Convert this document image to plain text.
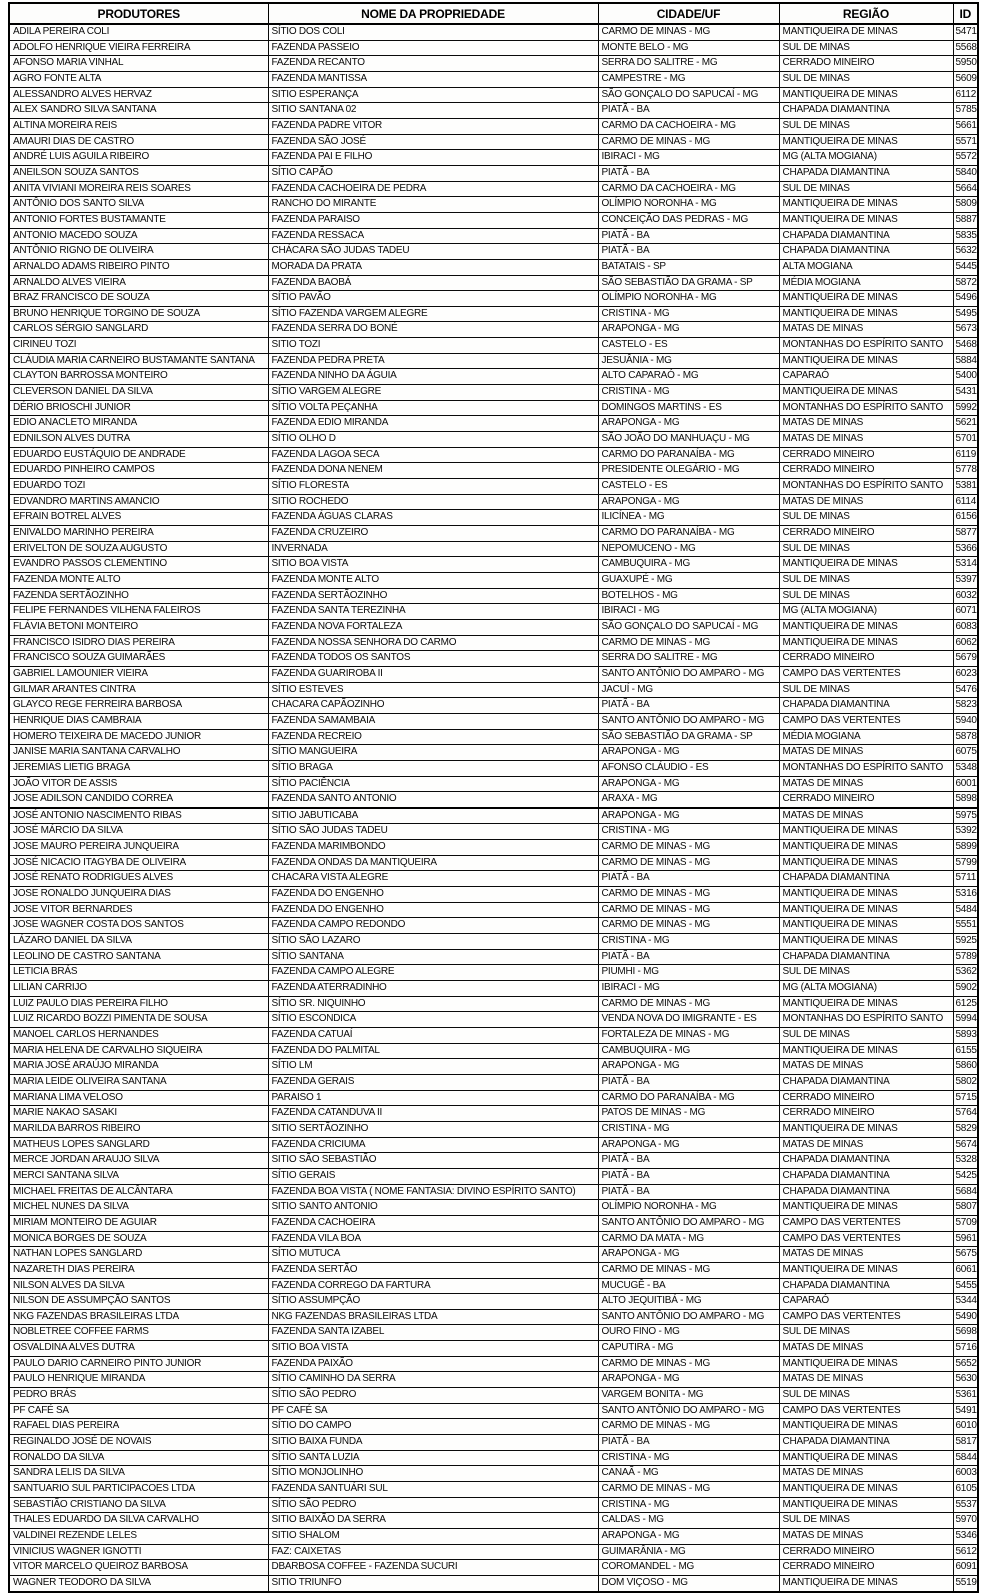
PRODUTORES	NOME DA PROPRIEDADE	CIDADE/UF	REGIÃO	ID
ADILA PEREIRA COLI	SÍTIO DOS COLI	CARMO DE MINAS - MG	MANTIQUEIRA DE MINAS	5471
ADOLFO HENRIQUE VIEIRA FERREIRA	FAZENDA PASSEIO	MONTE BELO - MG	SUL DE MINAS	5568
AFONSO MARIA VINHAL	FAZENDA RECANTO	SERRA DO SALITRE - MG	CERRADO MINEIRO	5950
AGRO FONTE ALTA	FAZENDA MANTISSA	CAMPESTRE - MG	SUL DE MINAS	5609
ALESSANDRO ALVES HERVAZ	SITIO ESPERANÇA	SÃO GONÇALO DO SAPUCAÍ - MG	MANTIQUEIRA DE MINAS	6112
ALEX SANDRO SILVA SANTANA	SITIO SANTANA 02	PIATÃ - BA	CHAPADA DIAMANTINA	5785
ALTINA MOREIRA REIS	FAZENDA PADRE VITOR	CARMO DA CACHOEIRA - MG	SUL DE MINAS	5661
AMAURI DIAS DE CASTRO	FAZENDA SÃO JOSÉ	CARMO DE MINAS - MG	MANTIQUEIRA DE MINAS	5571
ANDRÉ LUIS AGUILA RIBEIRO	FAZENDA PAI E FILHO	IBIRACI - MG	MG (ALTA MOGIANA)	5572
ANEILSON SOUZA SANTOS	SÍTIO CAPÃO	PIATÃ - BA	CHAPADA DIAMANTINA	5840
ANITA VIVIANI MOREIRA REIS SOARES	FAZENDA CACHOEIRA DE PEDRA	CARMO DA CACHOEIRA - MG	SUL DE MINAS	5664
ANTÔNIO DOS SANTO SILVA	RANCHO DO MIRANTE	OLÍMPIO NORONHA - MG	MANTIQUEIRA DE MINAS	5809
ANTONIO FORTES BUSTAMANTE	FAZENDA PARAISO	CONCEIÇÃO DAS PEDRAS - MG	MANTIQUEIRA DE MINAS	5887
ANTONIO MACEDO SOUZA	FAZENDA RESSACA	PIATÃ - BA	CHAPADA DIAMANTINA	5835
ANTÔNIO RIGNO DE OLIVEIRA	CHÁCARA SÃO JUDAS TADEU	PIATÃ - BA	CHAPADA DIAMANTINA	5632
ARNALDO ADAMS RIBEIRO PINTO	MORADA DA PRATA	BATATAIS - SP	ALTA MOGIANA	5445
ARNALDO ALVES VIEIRA	FAZENDA BAOBÁ	SÃO SEBASTIÃO DA GRAMA - SP	MÉDIA MOGIANA	5872
BRAZ FRANCISCO DE SOUZA	SÍTIO PAVÃO	OLÍMPIO NORONHA - MG	MANTIQUEIRA DE MINAS	5496
BRUNO HENRIQUE TORGINO DE SOUZA	SÍTIO FAZENDA VARGEM ALEGRE	CRISTINA - MG	MANTIQUEIRA DE MINAS	5495
CARLOS SÉRGIO SANGLARD	FAZENDA SERRA DO BONÉ	ARAPONGA - MG	MATAS DE MINAS	5673
CIRINEU TOZI	SITIO TOZI	CASTELO - ES	MONTANHAS DO ESPÍRITO SANTO	5468
CLÁUDIA MARIA CARNEIRO BUSTAMANTE SANTANA	FAZENDA PEDRA PRETA	JESUÂNIA - MG	MANTIQUEIRA DE MINAS	5884
CLAYTON BARROSSA MONTEIRO	FAZENDA NINHO DA ÁGUIA	ALTO CAPARAÓ - MG	CAPARAÓ	5400
CLEVERSON DANIEL DA SILVA	SÍTIO VARGEM ALEGRE	CRISTINA - MG	MANTIQUEIRA DE MINAS	5431
DÉRIO BRIOSCHI JUNIOR	SÍTIO VOLTA PEÇANHA	DOMINGOS MARTINS - ES	MONTANHAS DO ESPÍRITO SANTO	5992
EDIO ANACLETO MIRANDA	FAZENDA EDIO MIRANDA	ARAPONGA - MG	MATAS DE MINAS	5621
EDNILSON ALVES DUTRA	SÍTIO OLHO D	SÃO JOÃO DO MANHUAÇU - MG	MATAS DE MINAS	5701
EDUARDO EUSTÁQUIO DE ANDRADE	FAZENDA LAGOA SECA	CARMO DO PARANAÍBA - MG	CERRADO MINEIRO	6119
EDUARDO PINHEIRO CAMPOS	FAZENDA DONA NENEM	PRESIDENTE OLEGÁRIO - MG	CERRADO MINEIRO	5778
EDUARDO TOZI	SÍTIO FLORESTA	CASTELO - ES	MONTANHAS DO ESPÍRITO SANTO	5381
EDVANDRO MARTINS AMANCIO	SITIO ROCHEDO	ARAPONGA - MG	MATAS DE MINAS	6114
EFRAIN BOTREL ALVES	FAZENDA ÁGUAS CLARAS	ILICÍNEA - MG	SUL DE MINAS	6156
ENIVALDO MARINHO PEREIRA	FAZENDA CRUZEIRO	CARMO DO PARANAÍBA - MG	CERRADO MINEIRO	5877
ERIVELTON DE SOUZA AUGUSTO	INVERNADA	NEPOMUCENO - MG	SUL DE MINAS	5366
EVANDRO PASSOS CLEMENTINO	SITIO BOA VISTA	CAMBUQUIRA - MG	MANTIQUEIRA DE MINAS	5314
FAZENDA MONTE ALTO	FAZENDA MONTE ALTO	GUAXUPÉ - MG	SUL DE MINAS	5397
FAZENDA SERTÃOZINHO	FAZENDA SERTÃOZINHO	BOTELHOS - MG	SUL DE MINAS	6032
FELIPE FERNANDES VILHENA FALEIROS	FAZENDA SANTA TEREZINHA	IBIRACI - MG	MG (ALTA MOGIANA)	6071
FLÁVIA BETONI MONTEIRO	FAZENDA NOVA FORTALEZA	SÃO GONÇALO DO SAPUCAÍ - MG	MANTIQUEIRA DE MINAS	6083
FRANCISCO ISIDRO DIAS PEREIRA	FAZENDA NOSSA SENHORA DO CARMO	CARMO DE MINAS - MG	MANTIQUEIRA DE MINAS	6062
FRANCISCO SOUZA GUIMARÃES	FAZENDA TODOS OS SANTOS	SERRA DO SALITRE - MG	CERRADO MINEIRO	5679
GABRIEL LAMOUNIER VIEIRA	FAZENDA GUARIROBA II	SANTO ANTÔNIO DO AMPARO - MG	CAMPO DAS VERTENTES	6023
GILMAR ARANTES CINTRA	SÍTIO ESTEVES	JACUÍ - MG	SUL DE MINAS	5476
GLAYCO REGE FERREIRA BARBOSA	CHACARA CAPÃOZINHO	PIATÃ - BA	CHAPADA DIAMANTINA	5823
HENRIQUE DIAS CAMBRAIA	FAZENDA SAMAMBAIA	SANTO ANTÔNIO DO AMPARO - MG	CAMPO DAS VERTENTES	5940
HOMERO TEIXEIRA DE MACEDO JUNIOR	FAZENDA RECREIO	SÃO SEBASTIÃO DA GRAMA - SP	MÉDIA MOGIANA	5878
JANISE MARIA SANTANA CARVALHO	SÍTIO MANGUEIRA	ARAPONGA - MG	MATAS DE MINAS	6075
JEREMIAS LIETIG BRAGA	SÍTIO BRAGA	AFONSO CLÁUDIO - ES	MONTANHAS DO ESPÍRITO SANTO	5348
JOÃO VITOR DE ASSIS	SÍTIO PACIÊNCIA	ARAPONGA - MG	MATAS DE MINAS	6001
JOSE ADILSON CANDIDO CORREA	FAZENDA SANTO ANTONIO	ARAXA - MG	CERRADO MINEIRO	5898
JOSÉ ANTONIO NASCIMENTO RIBAS	SITIO JABUTICABA	ARAPONGA - MG	MATAS DE MINAS	5975
JOSÉ MÁRCIO DA SILVA	SÍTIO SÃO JUDAS TADEU	CRISTINA - MG	MANTIQUEIRA DE MINAS	5392
JOSE MAURO PEREIRA JUNQUEIRA	FAZENDA MARIMBONDO	CARMO DE MINAS - MG	MANTIQUEIRA DE MINAS	5899
JOSÉ NICACIO ITAGYBA DE OLIVEIRA	FAZENDA ONDAS DA MANTIQUEIRA	CARMO DE MINAS - MG	MANTIQUEIRA DE MINAS	5799
JOSÉ RENATO RODRIGUES ALVES	CHACARA VISTA ALEGRE	PIATÃ - BA	CHAPADA DIAMANTINA	5711
JOSE RONALDO JUNQUEIRA DIAS	FAZENDA DO ENGENHO	CARMO DE MINAS - MG	MANTIQUEIRA DE MINAS	5316
JOSE VITOR BERNARDES	FAZENDA DO ENGENHO	CARMO DE MINAS - MG	MANTIQUEIRA DE MINAS	5484
JOSE WAGNER COSTA DOS SANTOS	FAZENDA CAMPO REDONDO	CARMO DE MINAS - MG	MANTIQUEIRA DE MINAS	5551
LÁZARO DANIEL DA SILVA	SÍTIO SÃO LAZARO	CRISTINA - MG	MANTIQUEIRA DE MINAS	5925
LEOLINO DE CASTRO SANTANA	SÍTIO SANTANA	PIATÃ - BA	CHAPADA DIAMANTINA	5789
LETICIA BRÁS	FAZENDA CAMPO ALEGRE	PIUMHI - MG	SUL DE MINAS	5362
LILIAN CARRIJO	FAZENDA ATERRADINHO	IBIRACI - MG	MG (ALTA MOGIANA)	5902
LUIZ PAULO DIAS PEREIRA FILHO	SÍTIO SR. NIQUINHO	CARMO DE MINAS - MG	MANTIQUEIRA DE MINAS	6125
LUIZ RICARDO BOZZI PIMENTA DE SOUSA	SÍTIO ESCONDICA	VENDA NOVA DO IMIGRANTE - ES	MONTANHAS DO ESPÍRITO SANTO	5994
MANOEL CARLOS HERNANDES	FAZENDA CATUAÍ	FORTALEZA DE MINAS - MG	SUL DE MINAS	5893
MARIA HELENA DE CARVALHO SIQUEIRA	FAZENDA DO PALMITAL	CAMBUQUIRA - MG	MANTIQUEIRA DE MINAS	6155
MARIA JOSÉ ARAÚJO MIRANDA	SÍTIO LM	ARAPONGA - MG	MATAS DE MINAS	5860
MARIA LEIDE OLIVEIRA SANTANA	FAZENDA GERAIS	PIATÃ - BA	CHAPADA DIAMANTINA	5802
MARIANA LIMA VELOSO	PARAISO 1	CARMO DO PARANAÍBA - MG	CERRADO MINEIRO	5715
MARIE NAKAO SASAKI	FAZENDA CATANDUVA II	PATOS DE MINAS - MG	CERRADO MINEIRO	5764
MARILDA BARROS RIBEIRO	SITIO SERTÃOZINHO	CRISTINA - MG	MANTIQUEIRA DE MINAS	5829
MATHEUS LOPES SANGLARD	FAZENDA CRICIUMA	ARAPONGA - MG	MATAS DE MINAS	5674
MERCE JORDAN ARAUJO SILVA	SITIO SÃO SEBASTIÃO	PIATÃ - BA	CHAPADA DIAMANTINA	5328
MERCI SANTANA SILVA	SÍTIO GERAIS	PIATÃ - BA	CHAPADA DIAMANTINA	5425
MICHAEL FREITAS DE ALCÂNTARA	FAZENDA BOA VISTA ( NOME FANTASIA: DIVINO ESPÍRITO SANTO)	PIATÃ - BA	CHAPADA DIAMANTINA	5684
MICHEL NUNES DA SILVA	SITIO SANTO ANTONIO	OLÍMPIO NORONHA - MG	MANTIQUEIRA DE MINAS	5807
MIRIAM MONTEIRO DE AGUIAR	FAZENDA CACHOEIRA	SANTO ANTÔNIO DO AMPARO - MG	CAMPO DAS VERTENTES	5709
MONICA BORGES DE SOUZA	FAZENDA VILA BOA	CARMO DA MATA - MG	CAMPO DAS VERTENTES	5961
NATHAN LOPES SANGLARD	SÍTIO MUTUCA	ARAPONGA - MG	MATAS DE MINAS	5675
NAZARETH DIAS PEREIRA	FAZENDA SERTÃO	CARMO DE MINAS - MG	MANTIQUEIRA DE MINAS	6061
NILSON ALVES DA SILVA	FAZENDA CORREGO DA FARTURA	MUCUGÊ - BA	CHAPADA DIAMANTINA	5455
NILSON DE ASSUMPÇÃO SANTOS	SÍTIO ASSUMPÇÃO	ALTO JEQUITIBÁ - MG	CAPARAÓ	5344
NKG FAZENDAS BRASILEIRAS LTDA	NKG FAZENDAS BRASILEIRAS LTDA	SANTO ANTÔNIO DO AMPARO - MG	CAMPO DAS VERTENTES	5490
NOBLETREE COFFEE FARMS	FAZENDA SANTA IZABEL	OURO FINO - MG	SUL DE MINAS	5698
OSVALDINA ALVES DUTRA	SITIO BOA VISTA	CAPUTIRA - MG	MATAS DE MINAS	5716
PAULO DARIO CARNEIRO PINTO JUNIOR	FAZENDA PAIXÃO	CARMO DE MINAS - MG	MANTIQUEIRA DE MINAS	5652
PAULO HENRIQUE MIRANDA	SÍTIO CAMINHO DA SERRA	ARAPONGA - MG	MATAS DE MINAS	5630
PEDRO BRÁS	SÍTIO SÃO PEDRO	VARGEM BONITA - MG	SUL DE MINAS	5361
PF CAFÉ SA	PF CAFÉ SA	SANTO ANTÔNIO DO AMPARO - MG	CAMPO DAS VERTENTES	5491
RAFAEL DIAS PEREIRA	SÍTIO DO CAMPO	CARMO DE MINAS - MG	MANTIQUEIRA DE MINAS	6010
REGINALDO JOSÉ DE NOVAIS	SITIO BAIXA FUNDA	PIATÃ - BA	CHAPADA DIAMANTINA	5817
RONALDO DA SILVA	SÍTIO SANTA LUZIA	CRISTINA - MG	MANTIQUEIRA DE MINAS	5844
SANDRA LELIS DA SILVA	SÍTIO MONJOLINHO	CANAÃ - MG	MATAS DE MINAS	6003
SANTUARIO SUL PARTICIPACOES LTDA	FAZENDA SANTUÁRI SUL	CARMO DE MINAS - MG	MANTIQUEIRA DE MINAS	6105
SEBASTIÃO CRISTIANO DA SILVA	SÍTIO SÃO PEDRO	CRISTINA - MG	MANTIQUEIRA DE MINAS	5537
THALES EDUARDO DA SILVA CARVALHO	SITIO BAIXÃO DA SERRA	CALDAS - MG	SUL DE MINAS	5970
VALDINEI REZENDE LELES	SITIO SHALOM	ARAPONGA - MG	MATAS DE MINAS	5346
VINICIUS WAGNER IGNOTTI	FAZ: CAIXETAS	GUIMARÂNIA - MG	CERRADO MINEIRO	5612
VITOR MARCELO QUEIROZ BARBOSA	DBARBOSA COFFEE - FAZENDA SUCURI	COROMANDEL - MG	CERRADO MINEIRO	6091
WAGNER TEODORO DA SILVA	SITIO TRIUNFO	DOM VIÇOSO - MG	MANTIQUEIRA DE MINAS	5519
